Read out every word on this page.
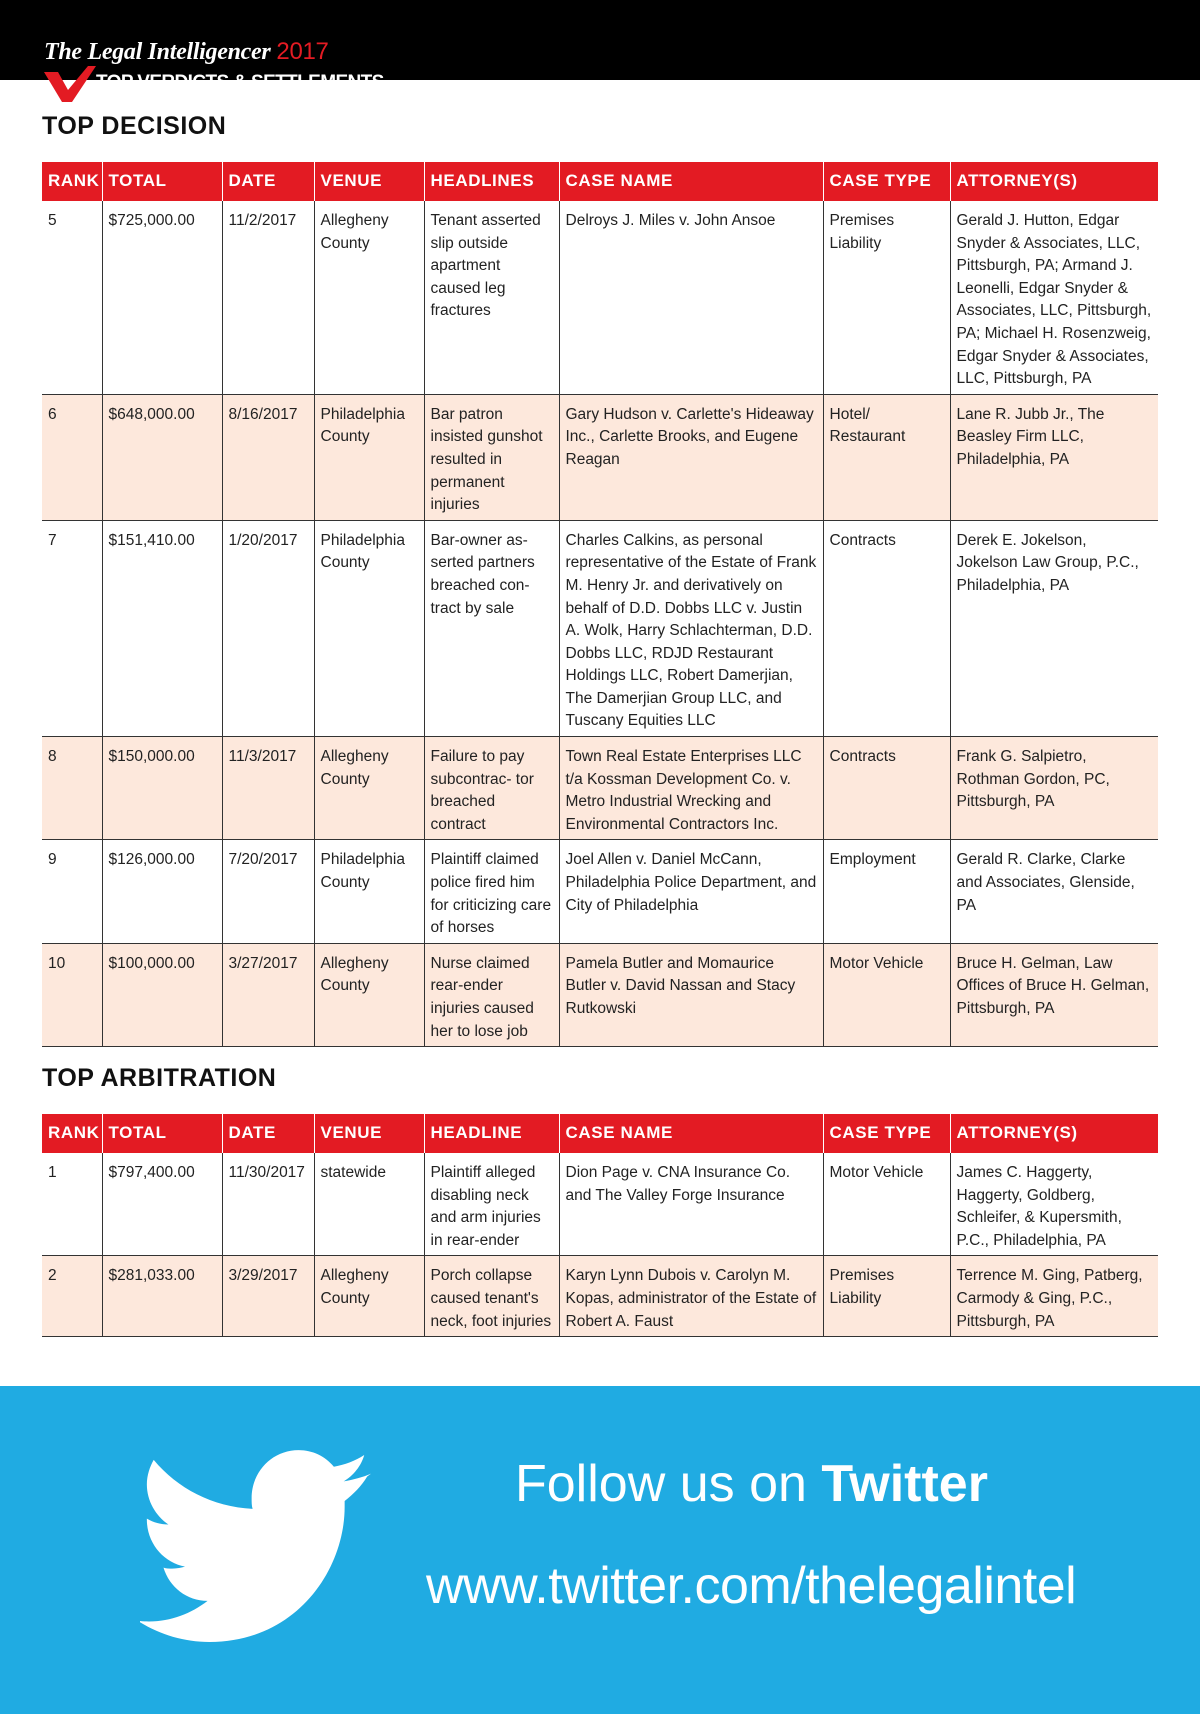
The Legal Intelligencer 2017
TOP VERDICTS & SETTLEMENTS
TOP DECISION
RANK	TOTAL	DATE	VENUE	HEADLINES	CASE NAME	CASE TYPE	ATTORNEY(S)
5	$725,000.00	11/2/2017	Allegheny County	Tenant asserted slip outside apartment caused leg fractures	Delroys J. Miles v. John Ansoe	Premises Liability	Gerald J. Hutton, Edgar Snyder & Associates, LLC, Pittsburgh, PA; Armand J. Leonelli, Edgar Snyder & Associates, LLC, Pittsburgh, PA; Michael H. Rosenzweig, Edgar Snyder & Associates, LLC, Pittsburgh, PA
6	$648,000.00	8/16/2017	Philadelphia County	Bar patron insisted gunshot resulted in permanent injuries	Gary Hudson v. Carlette's Hideaway Inc., Carlette Brooks, and Eugene Reagan	Hotel/ Restaurant	Lane R. Jubb Jr., The Beasley Firm LLC, Philadelphia, PA
7	$151,410.00	1/20/2017	Philadelphia County	Bar-owner as- serted partners breached con- tract by sale	Charles Calkins, as personal representative of the Estate of Frank M. Henry Jr. and derivatively on behalf of D.D. Dobbs LLC v. Justin A. Wolk, Harry Schlachterman, D.D. Dobbs LLC, RDJD Restaurant Holdings LLC, Robert Damerjian, The Damerjian Group LLC, and Tuscany Equities LLC	Contracts	Derek E. Jokelson, Jokelson Law Group, P.C., Philadelphia, PA
8	$150,000.00	11/3/2017	Allegheny County	Failure to pay subcontrac- tor breached contract	Town Real Estate Enterprises LLC t/a Kossman Development Co. v. Metro Industrial Wrecking and Environmental Contractors Inc.	Contracts	Frank G. Salpietro, Rothman Gordon, PC, Pittsburgh, PA
9	$126,000.00	7/20/2017	Philadelphia County	Plaintiff claimed police fired him for criticizing care of horses	Joel Allen v. Daniel McCann, Philadelphia Police Department, and City of Philadelphia	Employment	Gerald R. Clarke, Clarke and Associates, Glenside, PA
10	$100,000.00	3/27/2017	Allegheny County	Nurse claimed rear-ender injuries caused her to lose job	Pamela Butler and Momaurice Butler v. David Nassan and Stacy Rutkowski	Motor Vehicle	Bruce H. Gelman, Law Offices of Bruce H. Gelman, Pittsburgh, PA
TOP ARBITRATION
RANK	TOTAL	DATE	VENUE	HEADLINE	CASE NAME	CASE TYPE	ATTORNEY(S)
1	$797,400.00	11/30/2017	statewide	Plaintiff alleged disabling neck and arm injuries in rear-ender	Dion Page v. CNA Insurance Co. and The Valley Forge Insurance	Motor Vehicle	James C. Haggerty, Haggerty, Goldberg, Schleifer, & Kupersmith, P.C., Philadelphia, PA
2	$281,033.00	3/29/2017	Allegheny County	Porch collapse caused tenant's neck, foot injuries	Karyn Lynn Dubois v. Carolyn M. Kopas, administrator of the Estate of Robert A. Faust	Premises Liability	Terrence M. Ging, Patberg, Carmody & Ging, P.C., Pittsburgh, PA
Follow us on Twitter
www.twitter.com/thelegalintel
